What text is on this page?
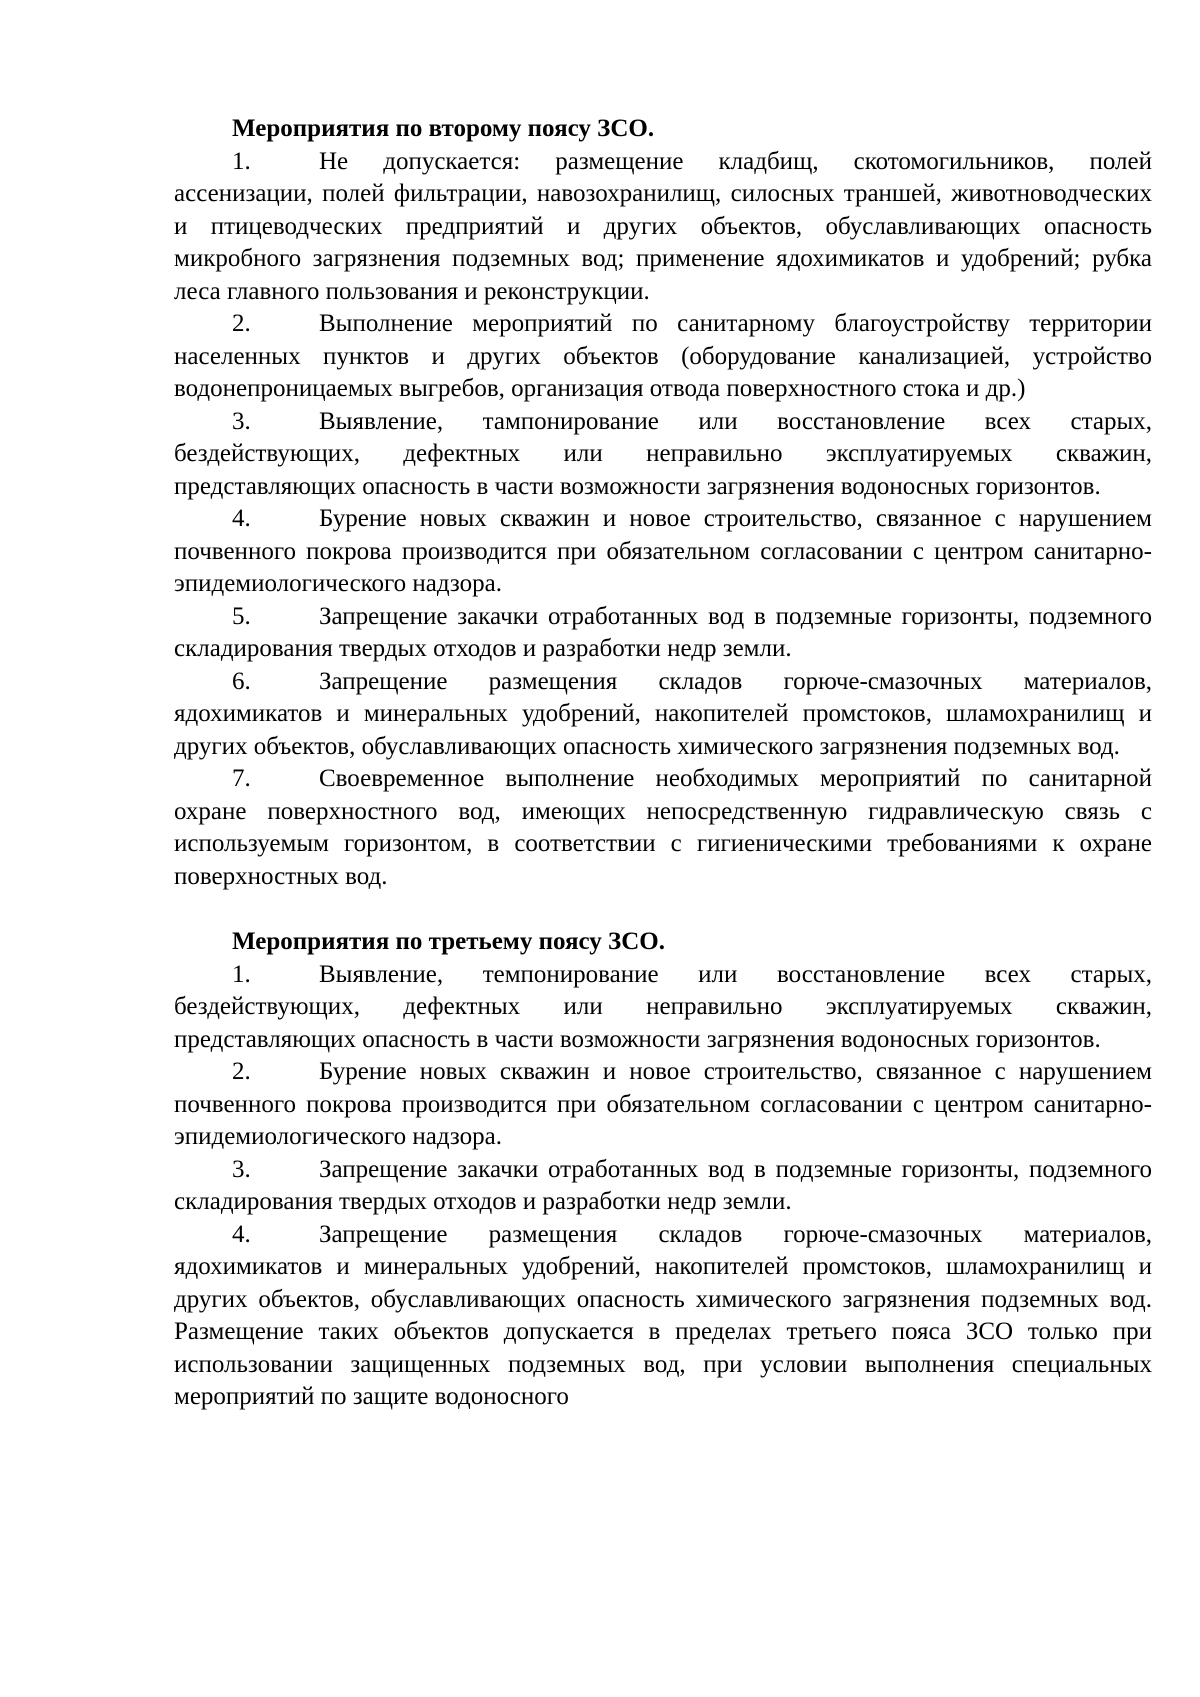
Мероприятия по второму поясу ЗСО.
1.	Не допускается: размещение кладбищ, скотомогильников, полей ассенизации, полей фильтрации, навозохранилищ, силосных траншей, животноводческих и птицеводческих предприятий и других объектов, обуславливающих опасность микробного загрязнения подземных вод; применение ядохимикатов и удобрений; рубка леса главного пользования и реконструкции.
2.	Выполнение мероприятий по санитарному благоустройству территории населенных пунктов и других объектов (оборудование канализацией, устройство водонепроницаемых выгребов, организация отвода поверхностного стока и др.)
3.	Выявление, тампонирование или восстановление всех старых, бездействующих, дефектных или неправильно эксплуатируемых скважин, представляющих опасность в части возможности загрязнения водоносных горизонтов.
4.	Бурение новых скважин и новое строительство, связанное с нарушением почвенного покрова производится при обязательном согласовании с центром санитарно-эпидемиологического надзора.
5.	Запрещение закачки отработанных вод в подземные горизонты, подземного складирования твердых отходов и разработки недр земли.
6.	Запрещение размещения складов горюче-смазочных материалов, ядохимикатов и минеральных удобрений, накопителей промстоков, шламохранилищ и других объектов, обуславливающих опасность химического загрязнения подземных вод.
7.	Своевременное выполнение необходимых мероприятий по санитарной охране поверхностного вод, имеющих непосредственную гидравлическую связь с используемым горизонтом, в соответствии с гигиеническими требованиями к охране поверхностных вод.
Мероприятия по третьему поясу ЗСО.
1.	Выявление, темпонирование или восстановление всех старых, бездействующих, дефектных или неправильно эксплуатируемых скважин, представляющих опасность в части возможности загрязнения водоносных горизонтов.
2.	Бурение новых скважин и новое строительство, связанное с нарушением почвенного покрова производится при обязательном согласовании с центром санитарно-эпидемиологического надзора.
3.	Запрещение закачки отработанных вод в подземные горизонты, подземного складирования твердых отходов и разработки недр земли.
4.	Запрещение размещения складов горюче-смазочных материалов, ядохимикатов и минеральных удобрений, накопителей промстоков, шламохранилищ и других объектов, обуславливающих опасность химического загрязнения подземных вод. Размещение таких объектов допускается в пределах третьего пояса ЗСО только при использовании защищенных подземных вод, при условии выполнения специальных мероприятий по защите водоносного
